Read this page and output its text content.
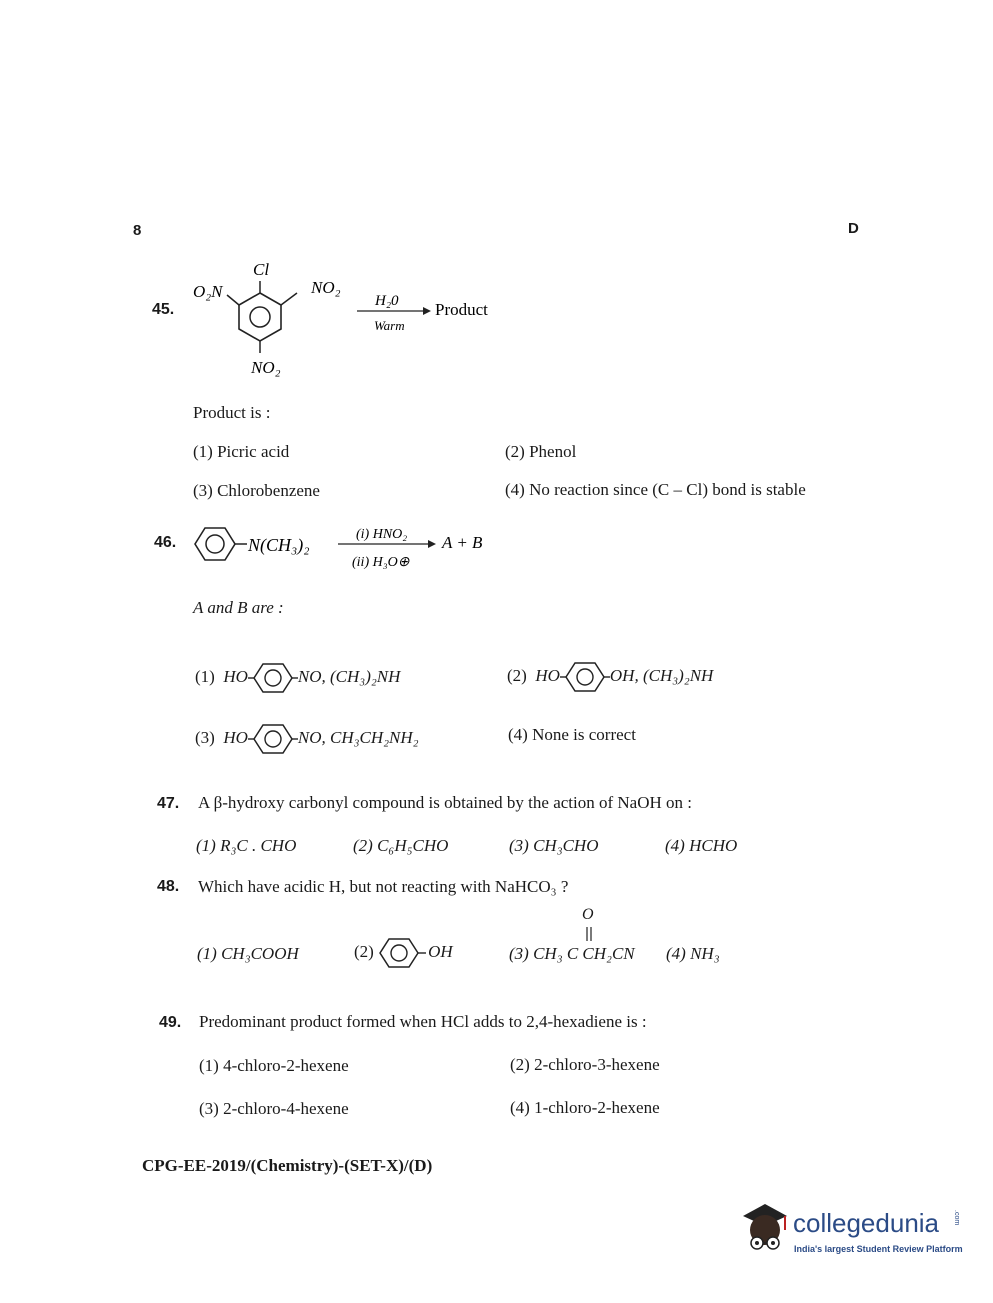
8	D
45.
Cl
O₂N	NO₂
NO₂
H₂0
Warm
Product
Product is :
(1) Picric acid	(2) Phenol
(3) Chlorobenzene	(4) No reaction since (C – Cl) bond is stable
46.	N(CH₃)₂
(i) HNO₂
(ii) H₃O⊕
A + B
A and B are :
(1) HO	NO, (CH₃)₂NH	(2) HO	OH, (CH₃)₂NH
(3) HO	NO, CH₃CH₂NH₂	(4) None is correct
47. A β-hydroxy carbonyl compound is obtained by the action of NaOH on :
(1) R₃C . CHO	(2) C₆H₅CHO	(3) CH₃CHO	(4) HCHO
48. Which have acidic H, but not reacting with NaHCO₃ ?
(1) CH₃COOH	(2)	OH
O
(3) CH₃ C CH₂CN (4) NH₃
49. Predominant product formed when HCl adds to 2,4-hexadiene is :
(1) 4-chloro-2-hexene	(2) 2-chloro-3-hexene
(3) 2-chloro-4-hexene	(4) 1-chloro-2-hexene
CPG-EE-2019/(Chemistry)-(SET-X)/(D)
collegedunia .com
India's largest Student Review Platform
